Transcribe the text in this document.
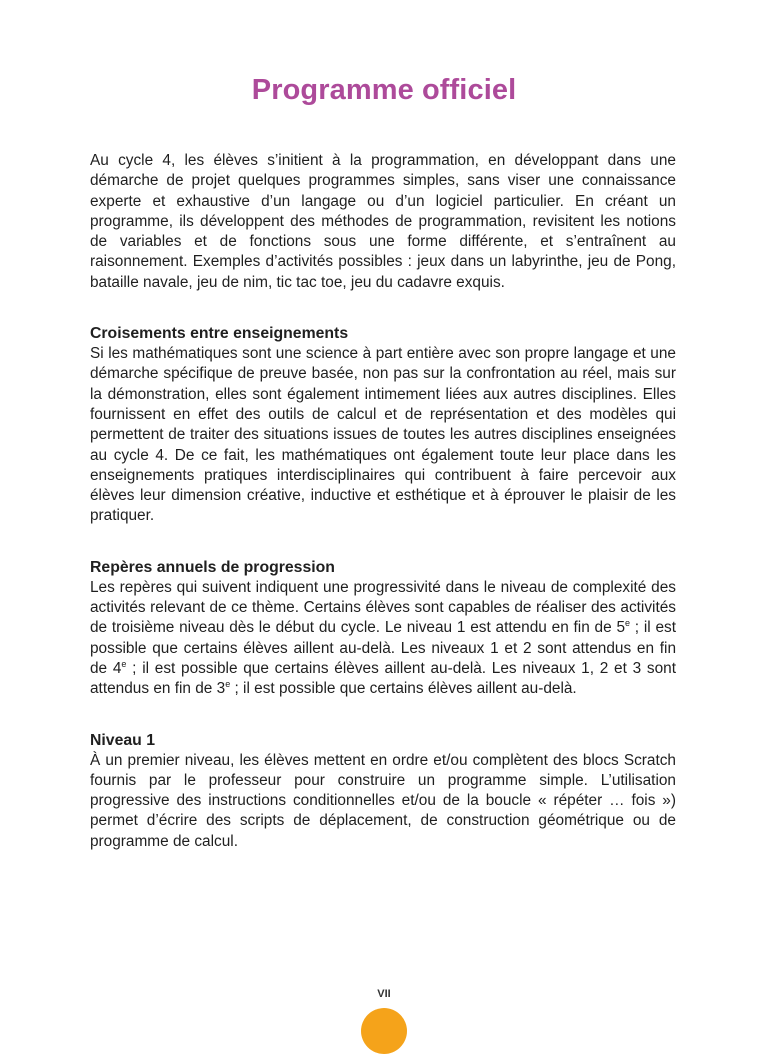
Programme officiel

Au cycle 4, les élèves s’initient à la programmation, en développant dans une démarche de projet quelques programmes simples, sans viser une connaissance experte et exhaustive d’un langage ou d’un logiciel particulier. En créant un programme, ils développent des méthodes de programmation, revisitent les notions de variables et de fonctions sous une forme différente, et s’entraînent au raisonnement. Exemples d’activités possibles : jeux dans un labyrinthe, jeu de Pong, bataille navale, jeu de nim, tic tac toe, jeu du cadavre exquis.

Croisements entre enseignements

Si les mathématiques sont une science à part entière avec son propre langage et une démarche spécifique de preuve basée, non pas sur la confrontation au réel, mais sur la démonstration, elles sont également intimement liées aux autres disciplines. Elles fournissent en effet des outils de calcul et de représentation et des modèles qui permettent de traiter des situations issues de toutes les autres disciplines enseignées au cycle 4. De ce fait, les mathématiques ont également toute leur place dans les enseignements pratiques interdisciplinaires qui contribuent à faire percevoir aux élèves leur dimension créative, inductive et esthétique et à éprouver le plaisir de les pratiquer.

Repères annuels de progression

Les repères qui suivent indiquent une progressivité dans le niveau de complexité des activités relevant de ce thème. Certains élèves sont capables de réaliser des activités de troisième niveau dès le début du cycle. Le niveau 1 est attendu en fin de 5e ; il est possible que certains élèves aillent au-delà. Les niveaux 1 et 2 sont attendus en fin de 4e ; il est possible que certains élèves aillent au-delà. Les niveaux 1, 2 et 3 sont attendus en fin de 3e ; il est possible que certains élèves aillent au-delà.

Niveau 1

À un premier niveau, les élèves mettent en ordre et/ou complètent des blocs Scratch fournis par le professeur pour construire un programme simple. L’utilisation progressive des instructions conditionnelles et/ou de la boucle « répéter … fois ») permet d’écrire des scripts de déplacement, de construction géométrique ou de programme de calcul.

VII
